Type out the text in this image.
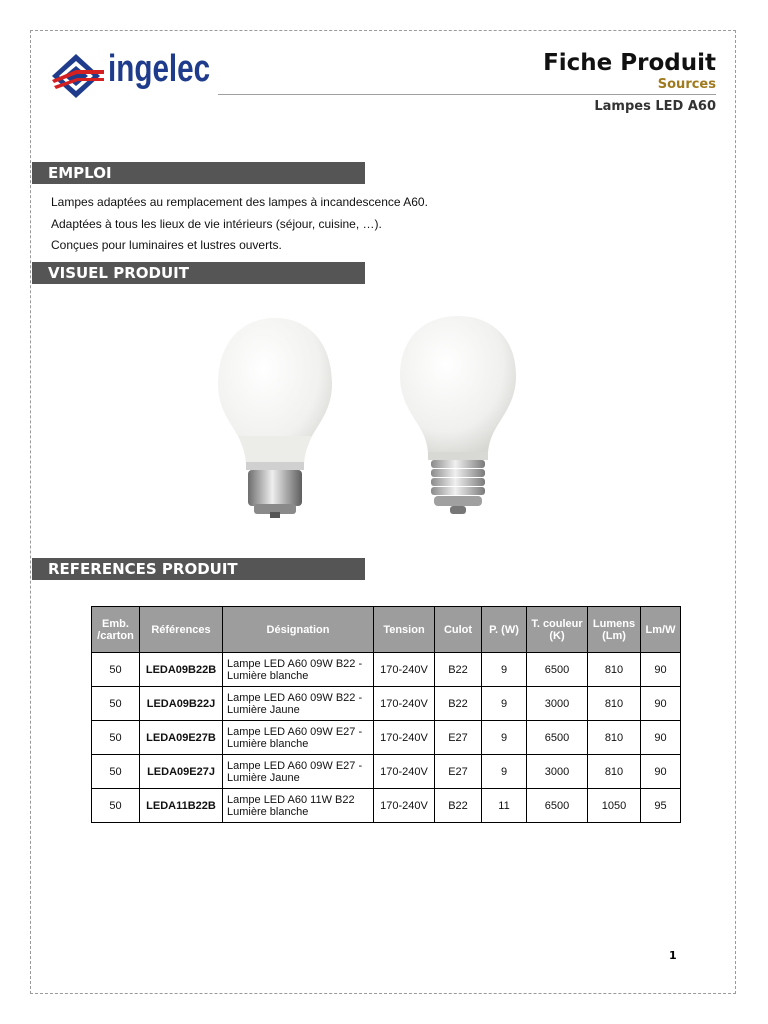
ingelec	Fiche Produit
Sources
Lampes LED A60
EMPLOI
Lampes adaptées au remplacement des lampes à incandescence A60.
Adaptées à tous les lieux de vie intérieurs (séjour, cuisine, …).
Conçues pour luminaires et lustres ouverts.
VISUEL PRODUIT
REFERENCES PRODUIT
Emb. /carton	Références	Désignation	Tension	Culot	P. (W)	T. couleur (K)	Lumens (Lm)	Lm/W
50	LEDA09B22B	Lampe LED A60 09W B22 - Lumière blanche	170-240V	B22	9	6500	810	90
50	LEDA09B22J	Lampe LED A60 09W B22 - Lumière Jaune	170-240V	B22	9	3000	810	90
50	LEDA09E27B	Lampe LED A60 09W E27 - Lumière blanche	170-240V	E27	9	6500	810	90
50	LEDA09E27J	Lampe LED A60 09W E27 - Lumière Jaune	170-240V	E27	9	3000	810	90
50	LEDA11B22B	Lampe LED A60 11W B22 Lumière blanche	170-240V	B22	11	6500	1050	95
1
